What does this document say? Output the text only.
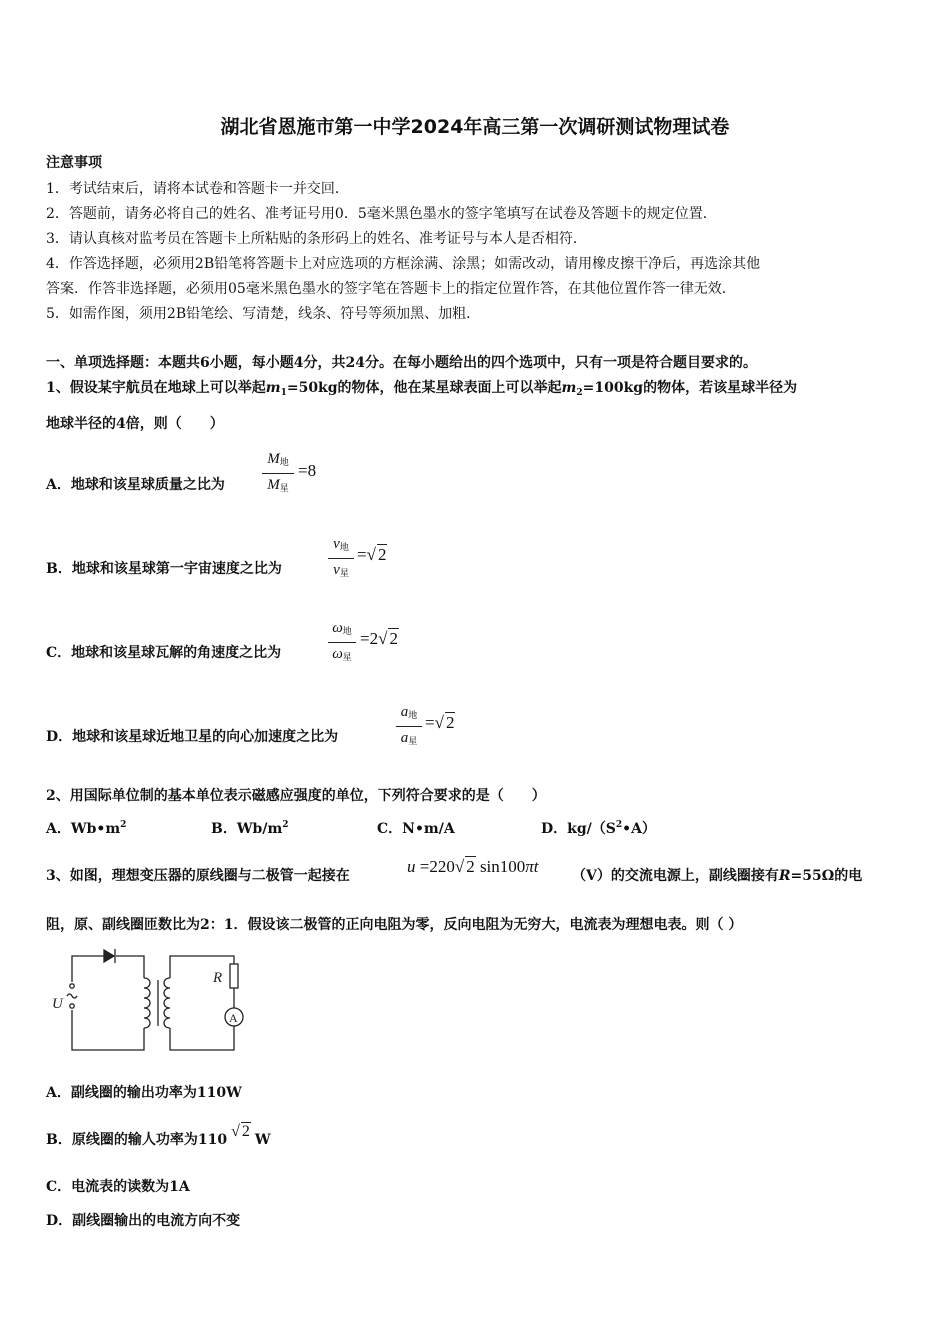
湖北省恩施市第一中学2024年高三第一次调研测试物理试卷
注意事项
1．考试结束后，请将本试卷和答题卡一并交回．
2．答题前，请务必将自己的姓名、准考证号用0．5毫米黑色墨水的签字笔填写在试卷及答题卡的规定位置．
3．请认真核对监考员在答题卡上所粘贴的条形码上的姓名、准考证号与本人是否相符．
4．作答选择题，必须用2B铅笔将答题卡上对应选项的方框涂满、涂黑；如需改动，请用橡皮擦干净后，再选涂其他
答案．作答非选择题，必须用05毫米黑色墨水的签字笔在答题卡上的指定位置作答，在其他位置作答一律无效．
5．如需作图，须用2B铅笔绘、写清楚，线条、符号等须加黑、加粗．
一、单项选择题：本题共6小题，每小题4分，共24分。在每小题给出的四个选项中，只有一项是符合题目要求的。
1、假设某宇航员在地球上可以举起$m_1=50kg$的物体，他在某星球表面上可以举起$m_2=100kg$的物体，若该星球半径为
地球半径的4倍，则（　　）
A．地球和该星球质量之比为
$M_地$
$M_星$
=8
B．地球和该星球第一宇宙速度之比为
$v_地$
$v_星$
=√ 2
C．地球和该星球瓦解的角速度之比为
$\omega_地$
$\omega_星$
=2√ 2
D．地球和该星球近地卫星的向心加速度之比为
$a_地$
$a_星$
=√ 2
2、用国际单位制的基本单位表示磁感应强度的单位，下列符合要求的是（　　）
A．$Wb•m^2$	B．$Wb/m^2$	C．N•m/A	D．$kg/(S^2•A)$
3、如图，理想变压器的原线圈与二极管一起接在	u =220√ 2 sin100πt （V）的交流电源上，副线圈接有R=55Ω的电
阻，原、副线圈匝数比为2：1．假设该二极管的正向电阻为零，反向电阻为无穷大，电流表为理想电表。则（ ）
U
R
A
A．副线圈的输出功率为110W
B．原线圈的输人功率为110 √ 2 W
C．电流表的读数为1A
D．副线圈输出的电流方向不变
